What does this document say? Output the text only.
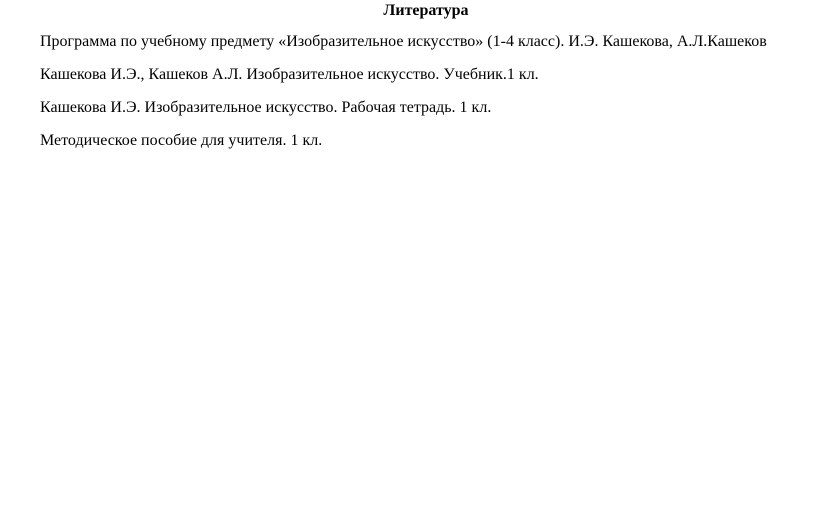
Литература
Программа по учебному предмету «Изобразительное искусство» (1-4 класс). И.Э. Кашекова, А.Л.Кашеков
Кашекова И.Э., Кашеков А.Л. Изобразительное искусство. Учебник.1 кл.
Кашекова И.Э. Изобразительное искусство. Рабочая тетрадь. 1 кл.
Методическое пособие для учителя. 1 кл.
